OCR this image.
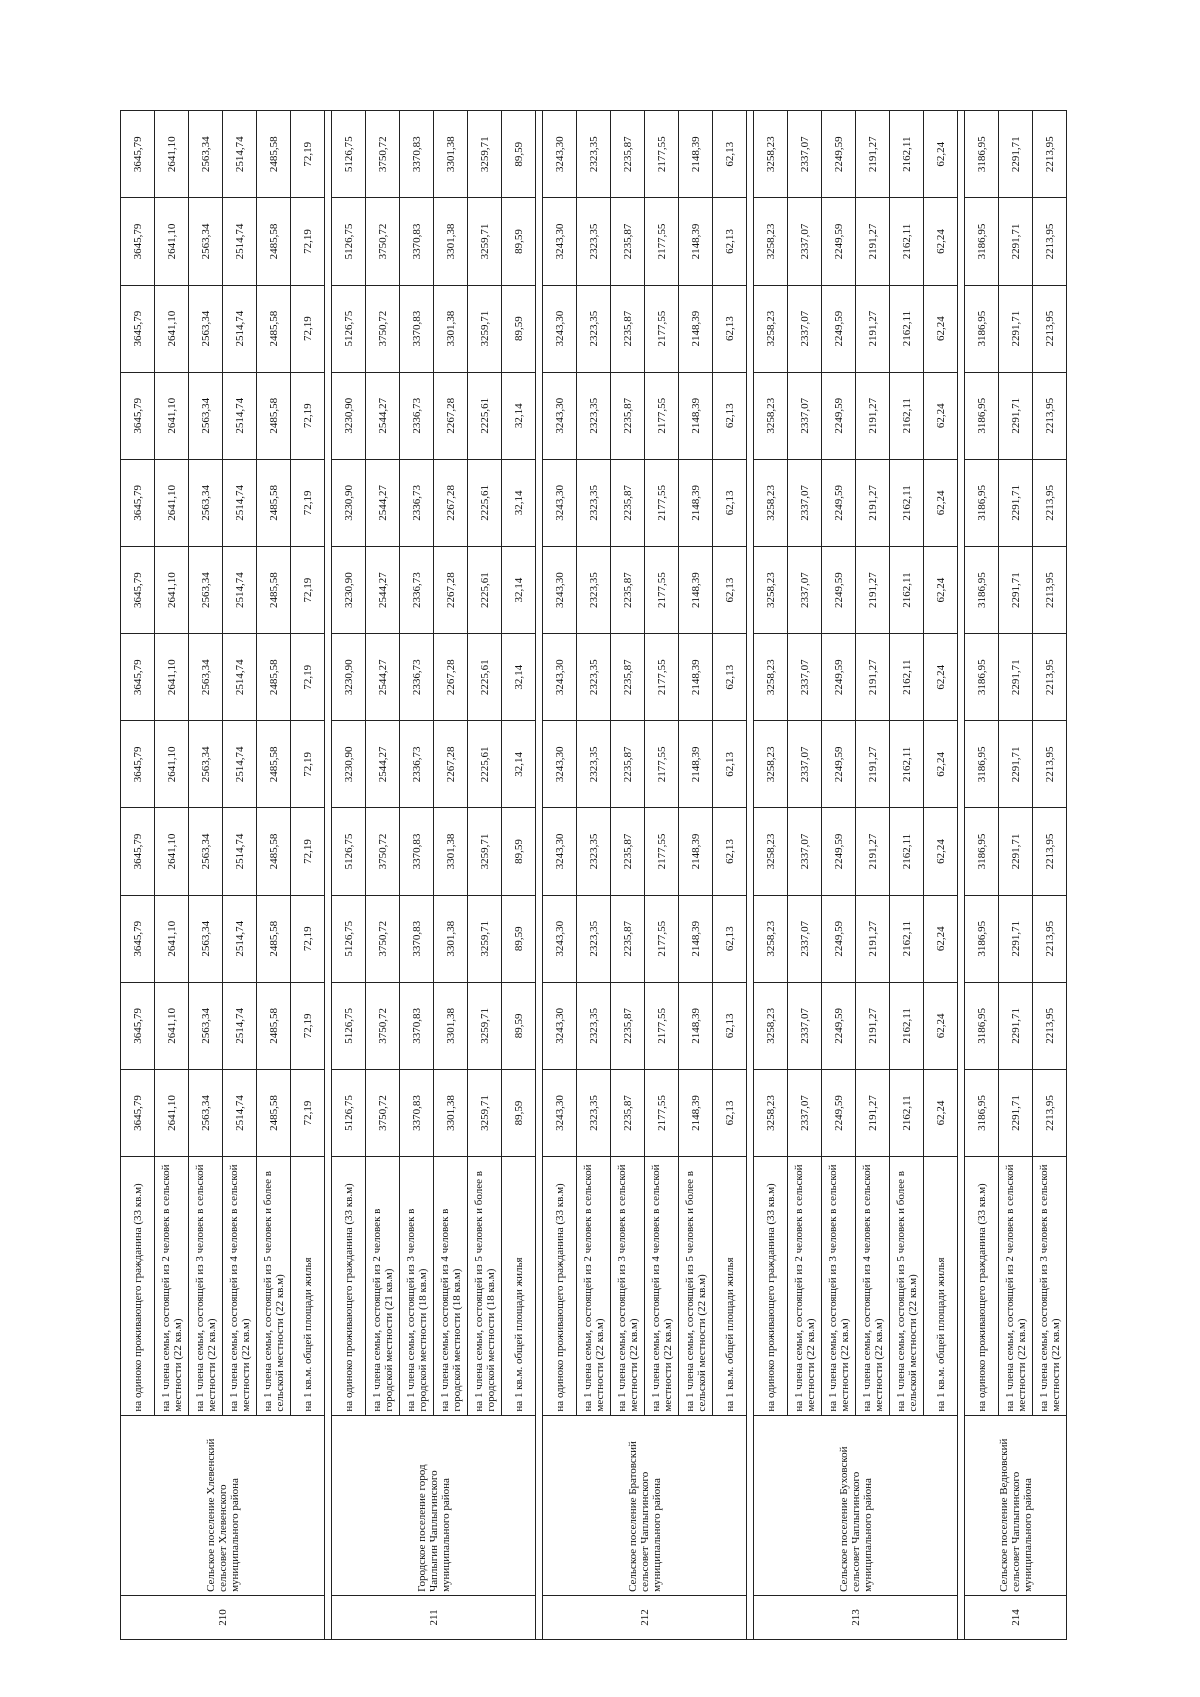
210	Сельское поселение Хлевенский сельсовет Хлевенского муниципального района	на одиноко проживающего гражданина (33 кв.м)	3645,79	3645,79	3645,79	3645,79	3645,79	3645,79	3645,79	3645,79	3645,79	3645,79	3645,79	3645,79
		на 1 члена семьи, состоящей из 2 человек в сельской местности (22 кв.м)	2641,10	2641,10	2641,10	2641,10	2641,10	2641,10	2641,10	2641,10	2641,10	2641,10	2641,10	2641,10
		на 1 члена семьи, состоящей из 3 человек в сельской местности (22 кв.м)	2563,34	2563,34	2563,34	2563,34	2563,34	2563,34	2563,34	2563,34	2563,34	2563,34	2563,34	2563,34
		на 1 члена семьи, состоящей из 4 человек в сельской местности (22 кв.м)	2514,74	2514,74	2514,74	2514,74	2514,74	2514,74	2514,74	2514,74	2514,74	2514,74	2514,74	2514,74
		на 1 члена семьи, состоящей из 5 человек и более в сельской местности (22 кв.м)	2485,58	2485,58	2485,58	2485,58	2485,58	2485,58	2485,58	2485,58	2485,58	2485,58	2485,58	2485,58
		на 1 кв.м. общей площади жилья	72,19	72,19	72,19	72,19	72,19	72,19	72,19	72,19	72,19	72,19	72,19	72,19

211	Городское поселение город Чаплыгин Чаплыгинского муниципального района	на одиноко проживающего гражданина (33 кв.м)	5126,75	5126,75	5126,75	5126,75	3230,90	3230,90	3230,90	3230,90	3230,90	5126,75	5126,75	5126,75
		на 1 члена семьи, состоящей из 2 человек в городской местности (21 кв.м)	3750,72	3750,72	3750,72	3750,72	2544,27	2544,27	2544,27	2544,27	2544,27	3750,72	3750,72	3750,72
		на 1 члена семьи, состоящей из 3 человек в городской местности (18 кв.м)	3370,83	3370,83	3370,83	3370,83	2336,73	2336,73	2336,73	2336,73	2336,73	3370,83	3370,83	3370,83
		на 1 члена семьи, состоящей из 4 человек в городской местности (18 кв.м)	3301,38	3301,38	3301,38	3301,38	2267,28	2267,28	2267,28	2267,28	2267,28	3301,38	3301,38	3301,38
		на 1 члена семьи, состоящей из 5 человек и более в городской местности (18 кв.м)	3259,71	3259,71	3259,71	3259,71	2225,61	2225,61	2225,61	2225,61	2225,61	3259,71	3259,71	3259,71
		на 1 кв.м. общей площади жилья	89,59	89,59	89,59	89,59	32,14	32,14	32,14	32,14	32,14	89,59	89,59	89,59

212	Сельское поселение Братовский сельсовет Чаплыгинского муниципального района	на одиноко проживающего гражданина (33 кв.м)	3243,30	3243,30	3243,30	3243,30	3243,30	3243,30	3243,30	3243,30	3243,30	3243,30	3243,30	3243,30
		на 1 члена семьи, состоящей из 2 человек в сельской местности (22 кв.м)	2323,35	2323,35	2323,35	2323,35	2323,35	2323,35	2323,35	2323,35	2323,35	2323,35	2323,35	2323,35
		на 1 члена семьи, состоящей из 3 человек в сельской местности (22 кв.м)	2235,87	2235,87	2235,87	2235,87	2235,87	2235,87	2235,87	2235,87	2235,87	2235,87	2235,87	2235,87
		на 1 члена семьи, состоящей из 4 человек в сельской местности (22 кв.м)	2177,55	2177,55	2177,55	2177,55	2177,55	2177,55	2177,55	2177,55	2177,55	2177,55	2177,55	2177,55
		на 1 члена семьи, состоящей из 5 человек и более в сельской местности (22 кв.м)	2148,39	2148,39	2148,39	2148,39	2148,39	2148,39	2148,39	2148,39	2148,39	2148,39	2148,39	2148,39
		на 1 кв.м. общей площади жилья	62,13	62,13	62,13	62,13	62,13	62,13	62,13	62,13	62,13	62,13	62,13	62,13

213	Сельское поселение Буховской сельсовет Чаплыгинского муниципального района	на одиноко проживающего гражданина (33 кв.м)	3258,23	3258,23	3258,23	3258,23	3258,23	3258,23	3258,23	3258,23	3258,23	3258,23	3258,23	3258,23
		на 1 члена семьи, состоящей из 2 человек в сельской местности (22 кв.м)	2337,07	2337,07	2337,07	2337,07	2337,07	2337,07	2337,07	2337,07	2337,07	2337,07	2337,07	2337,07
		на 1 члена семьи, состоящей из 3 человек в сельской местности (22 кв.м)	2249,59	2249,59	2249,59	2249,59	2249,59	2249,59	2249,59	2249,59	2249,59	2249,59	2249,59	2249,59
		на 1 члена семьи, состоящей из 4 человек в сельской местности (22 кв.м)	2191,27	2191,27	2191,27	2191,27	2191,27	2191,27	2191,27	2191,27	2191,27	2191,27	2191,27	2191,27
		на 1 члена семьи, состоящей из 5 человек и более в сельской местности (22 кв.м)	2162,11	2162,11	2162,11	2162,11	2162,11	2162,11	2162,11	2162,11	2162,11	2162,11	2162,11	2162,11
		на 1 кв.м. общей площади жилья	62,24	62,24	62,24	62,24	62,24	62,24	62,24	62,24	62,24	62,24	62,24	62,24

214	Сельское поселение Ведновский сельсовет Чаплыгинского муниципального района	на одиноко проживающего гражданина (33 кв.м)	3186,95	3186,95	3186,95	3186,95	3186,95	3186,95	3186,95	3186,95	3186,95	3186,95	3186,95	3186,95
		на 1 члена семьи, состоящей из 2 человек в сельской местности (22 кв.м)	2291,71	2291,71	2291,71	2291,71	2291,71	2291,71	2291,71	2291,71	2291,71	2291,71	2291,71	2291,71
		на 1 члена семьи, состоящей из 3 человек в сельской местности (22 кв.м)	2213,95	2213,95	2213,95	2213,95	2213,95	2213,95	2213,95	2213,95	2213,95	2213,95	2213,95	2213,95
